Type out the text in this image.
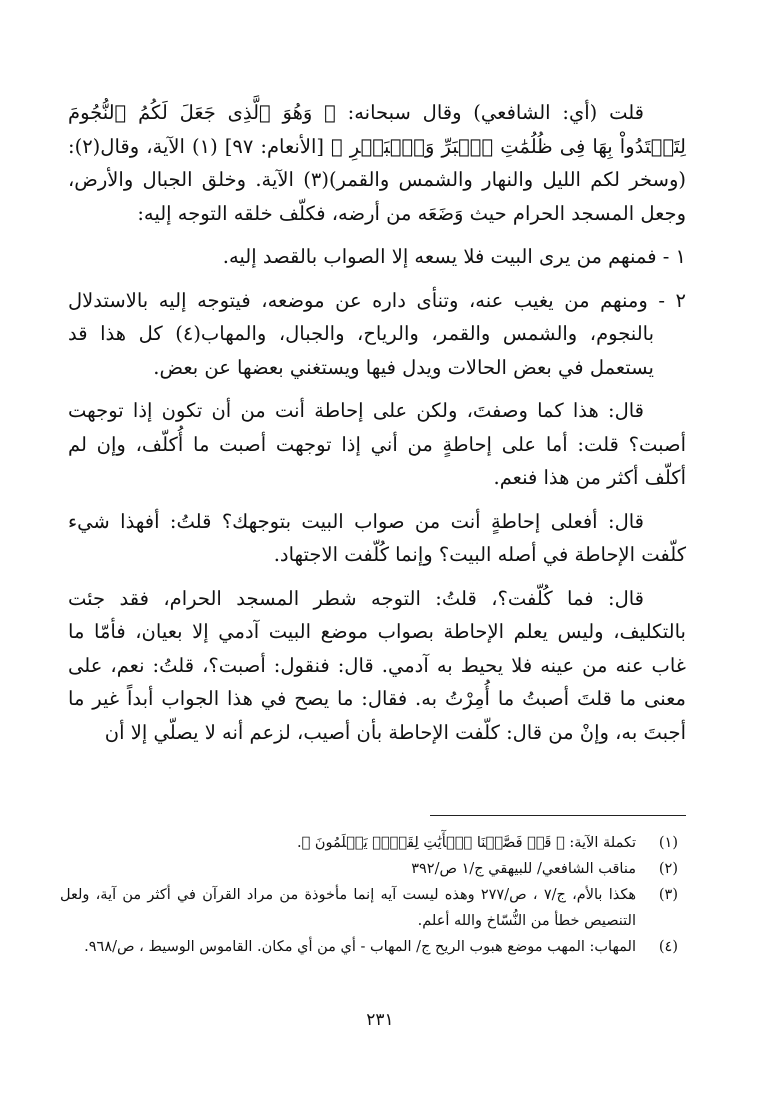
قلت (أي: الشافعي) وقال سبحانه: ﴿ وَهُوَ ٱلَّذِى جَعَلَ لَكُمُ ٱلنُّجُومَ لِتَهۡتَدُواْ بِهَا فِى ظُلُمَٰتِ ٱلۡبَرِّ وَٱلۡبَحۡرِ ﴾ [الأنعام: ٩٧] (١) الآية، وقال(٢): (وسخر لكم الليل والنهار والشمس والقمر)(٣) الآية. وخلق الجبال والأرض، وجعل المسجد الحرام حيث وَضَعَه من أرضه، فكلّف خلقه التوجه إليه:

١ - فمنهم من يرى البيت فلا يسعه إلا الصواب بالقصد إليه.

٢ - ومنهم من يغيب عنه، وتنأى داره عن موضعه، فيتوجه إليه بالاستدلال بالنجوم، والشمس والقمر، والرياح، والجبال، والمهاب(٤) كل هذا قد يستعمل في بعض الحالات ويدل فيها ويستغني بعضها عن بعض.

قال: هذا كما وصفتَ، ولكن على إحاطة أنت من أن تكون إذا توجهت أصبت؟ قلت: أما على إحاطةٍ من أني إذا توجهت أصبت ما أُكلّف، وإن لم أكلّف أكثر من هذا فنعم.

قال: أفعلى إحاطةٍ أنت من صواب البيت بتوجهك؟ قلتُ: أفهذا شيء كلّفت الإحاطة في أصله البيت؟ وإنما كُلّفت الاجتهاد.

قال: فما كُلّفت؟، قلتُ: التوجه شطر المسجد الحرام، فقد جئت بالتكليف، وليس يعلم الإحاطة بصواب موضع البيت آدمي إلا بعيان، فأمّا ما غاب عنه من عينه فلا يحيط به آدمي. قال: فنقول: أصبت؟، قلتُ: نعم، على معنى ما قلتَ أصبتُ ما أُمِرْتُ به. فقال: ما يصح في هذا الجواب أبداً غير ما أجبتَ به، وإنْ من قال: كلّفت الإحاطة بأن أصيب، لزعم أنه لا يصلّي إلا أن

(١)
تكملة الآية: ﴿ قَدۡ فَصَّلۡنَا ٱلۡأٓيَٰتِ لِقَوۡمٖ يَعۡلَمُونَ ﴾.
(٢)
مناقب الشافعي/ للبيهقي ج/١ ص/٣٩٢
(٣)
هكذا بالأم، ج/٧ ، ص/٢٧٧ وهذه ليست آيه إنما مأخوذة من مراد القرآن في أكثر من آية، ولعل التنصيص خطأ من النُّسّاخ والله أعلم.
(٤)
المهاب: المهب موضع هبوب الريح ج/ المهاب - أي من أي مكان. القاموس الوسيط ، ص/٩٦٨.
٢٣١
